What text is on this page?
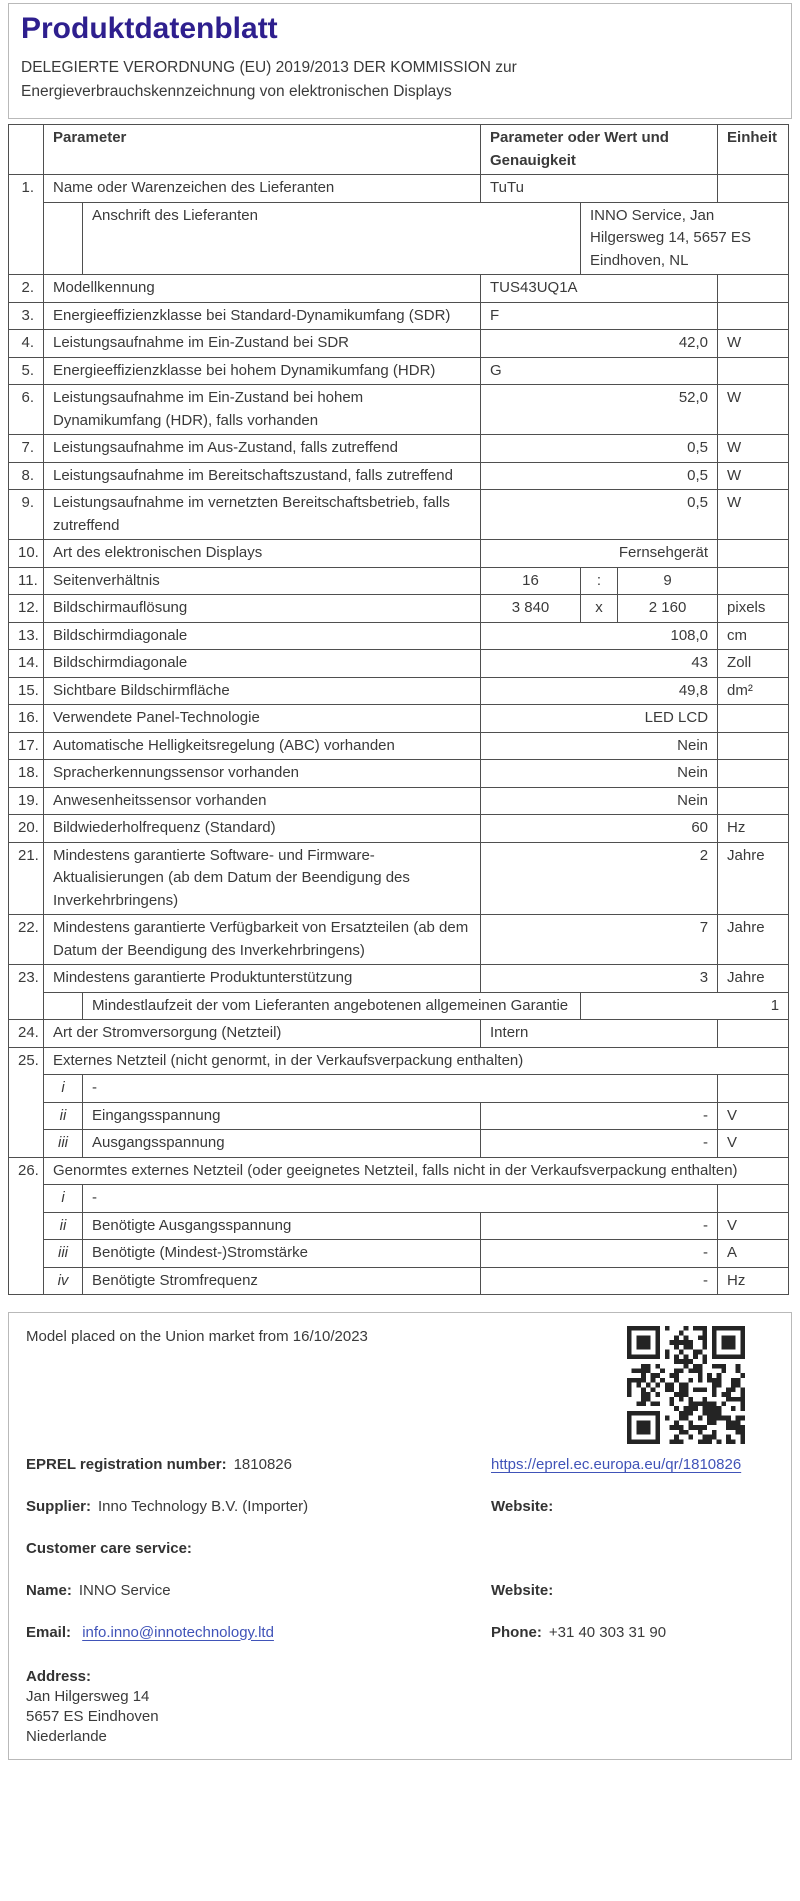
Produktdatenblatt
DELEGIERTE VERORDNUNG (EU) 2019/2013 DER KOMMISSION zur Energieverbrauchskennzeichnung von elektronischen Displays
	Parameter		Parameter oder Wert und Genauigkeit			Einheit	
1.	Name oder Warenzeichen des Lieferanten		TuTu				
		Anschrift des Lieferanten		INNO Service, Jan Hilgersweg 14, 5657 ES Eindhoven, NL			
2.	Modellkennung		TUS43UQ1A				
3.	Energieeffizienzklasse bei Standard-Dynamikumfang (SDR)		F				
4.	Leistungsaufnahme im Ein-Zustand bei SDR		42,0			W	
5.	Energieeffizienzklasse bei hohem Dynamikumfang (HDR)		G				
6.	Leistungsaufnahme im Ein-Zustand bei hohem Dynamikumfang (HDR), falls vorhanden		52,0			W	
7.	Leistungsaufnahme im Aus-Zustand, falls zutreffend		0,5			W	
8.	Leistungsaufnahme im Bereitschaftszustand, falls zutreffend		0,5			W	
9.	Leistungsaufnahme im vernetzten Bereitschaftsbetrieb, falls zutreffend		0,5			W	
10.	Art des elektronischen Displays		Fernsehgerät				
11.	Seitenverhältnis		16	:	9		
12.	Bildschirmauflösung		3 840	x	2 160	pixels	
13.	Bildschirmdiagonale		108,0			cm	
14.	Bildschirmdiagonale		43			Zoll	
15.	Sichtbare Bildschirmfläche		49,8			dm²	
16.	Verwendete Panel-Technologie		LED LCD				
17.	Automatische Helligkeitsregelung (ABC) vorhanden		Nein				
18.	Spracherkennungssensor vorhanden		Nein				
19.	Anwesenheitssensor vorhanden		Nein				
20.	Bildwiederholfrequenz (Standard)		60			Hz	
21.	Mindestens garantierte Software- und Firmware-Aktualisierungen (ab dem Datum der Beendigung des Inverkehrbringens)		2			Jahre	
22.	Mindestens garantierte Verfügbarkeit von Ersatzteilen (ab dem Datum der Beendigung des Inverkehrbringens)		7			Jahre	
23.	Mindestens garantierte Produktunterstützung		3			Jahre	
		Mindestlaufzeit der vom Lieferanten angebotenen allgemeinen Garantie		1	
24.	Art der Stromversorgung (Netzteil)		Intern				
25.	Externes Netzteil (nicht genormt, in der Verkaufsverpackung enthalten)						
	i	-					
	ii	Eingangsspannung	-			V	
	iii	Ausgangsspannung	-			V	
26.	Genormtes externes Netzteil (oder geeignetes Netzteil, falls nicht in der Verkaufsverpackung enthalten)						
	i	-					
	ii	Benötigte Ausgangsspannung	-			V	
	iii	Benötigte (Mindest-)Stromstärke	-			A	
	iv	Benötigte Stromfrequenz	-			Hz	
Model placed on the Union market from 16/10/2023
EPREL registration number: 1810826	https://eprel.ec.europa.eu/qr/1810826
Supplier: Inno Technology B.V. (Importer)	Website:
Customer care service:
Name: INNO Service	Website:
Email: info.inno@innotechnology.ltd	Phone: +31 40 303 31 90
Address:
Jan Hilgersweg 14
5657 ES Eindhoven
Niederlande
